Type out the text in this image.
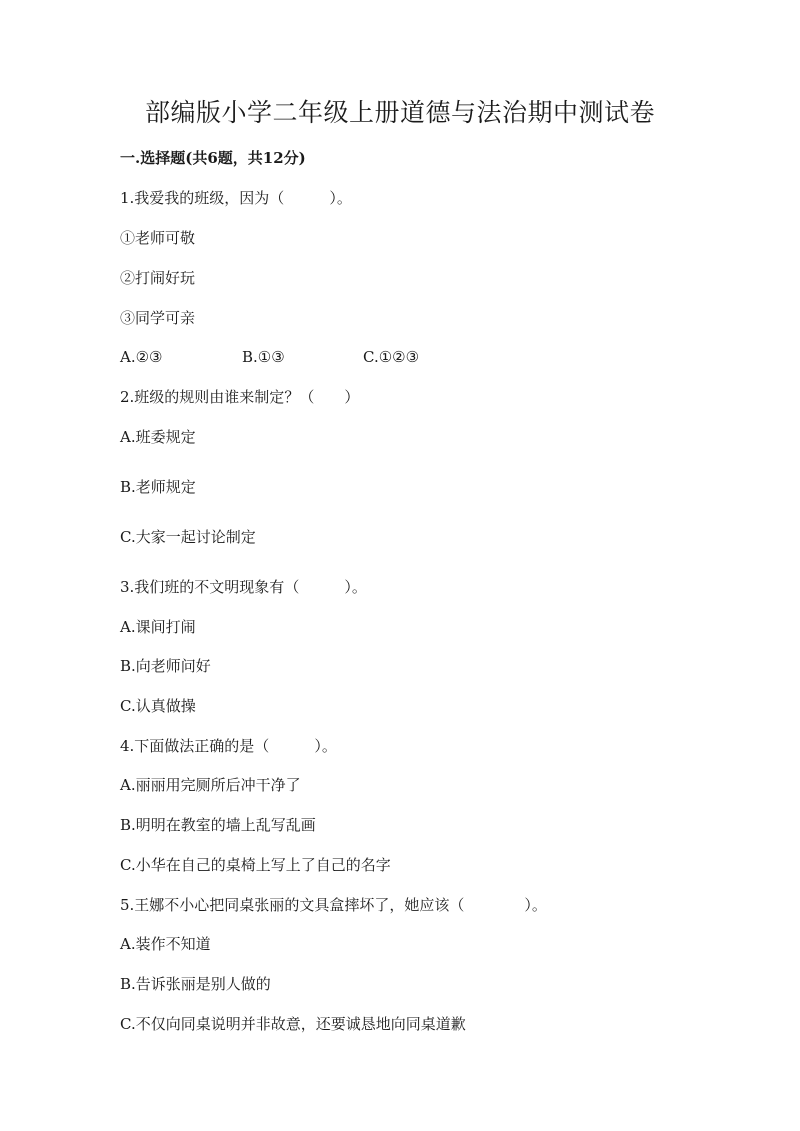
部编版小学二年级上册道德与法治期中测试卷
一.选择题(共6题，共12分)
1.我爱我的班级，因为（　　　）。
①老师可敬
②打闹好玩
③同学可亲
A.②③	B.①③	C.①②③
2.班级的规则由谁来制定？（　　）
A.班委规定
B.老师规定
C.大家一起讨论制定
3.我们班的不文明现象有（　　　）。
A.课间打闹
B.向老师问好
C.认真做操
4.下面做法正确的是（　　　）。
A.丽丽用完厕所后冲干净了
B.明明在教室的墙上乱写乱画
C.小华在自己的桌椅上写上了自己的名字
5.王娜不小心把同桌张丽的文具盒摔坏了，她应该（　　　　）。
A.装作不知道
B.告诉张丽是别人做的
C.不仅向同桌说明并非故意，还要诚恳地向同桌道歉
